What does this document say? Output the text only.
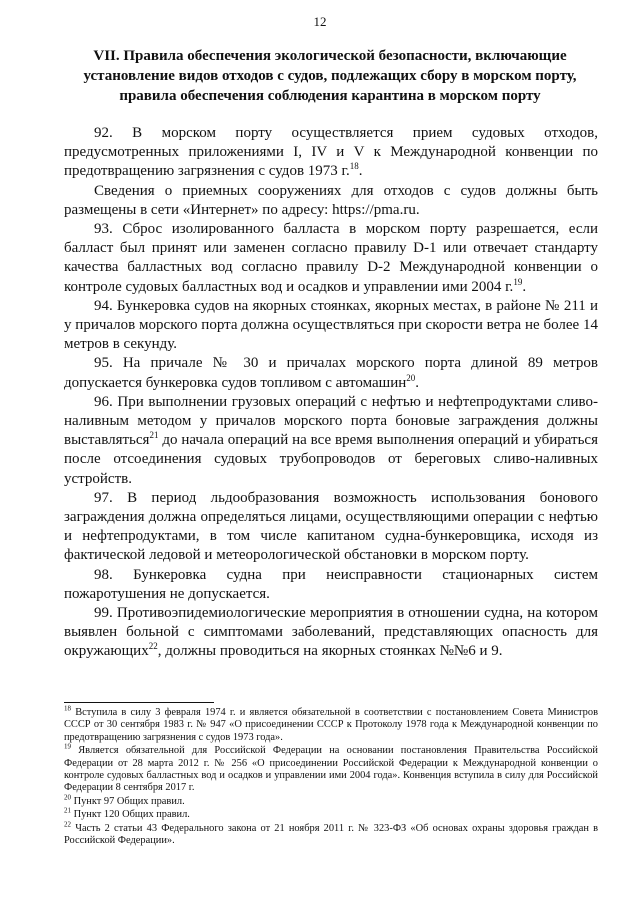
12
VII. Правила обеспечения экологической безопасности, включающие
установление видов отходов с судов, подлежащих сбору в морском порту,
правила обеспечения соблюдения карантина в морском порту

92. В морском порту осуществляется прием судовых отходов, предусмотренных приложениями I, IV и V к Международной конвенции по предотвращению загрязнения с судов 1973 г.$^{18}$.

Сведения о приемных сооружениях для отходов с судов должны быть размещены в сети «Интернет» по адресу: https://pma.ru.

93. Сброс изолированного балласта в морском порту разрешается, если балласт был принят или заменен согласно правилу D-1 или отвечает стандарту качества балластных вод согласно правилу D-2 Международной конвенции о контроле судовых балластных вод и осадков и управлении ими 2004 г.$^{19}$.

94. Бункеровка судов на якорных стоянках, якорных местах, в районе № 211 и у причалов морского порта должна осуществляться при скорости ветра не более 14 метров в секунду.

95. На причале № 30 и причалах морского порта длиной 89 метров допускается бункеровка судов топливом с автомашин$^{20}$.

96. При выполнении грузовых операций с нефтью и нефтепродуктами сливо-наливным методом у причалов морского порта боновые заграждения должны выставляться$^{21}$ до начала операций на все время выполнения операций и убираться после отсоединения судовых трубопроводов от береговых сливо-наливных устройств.

97. В период льдообразования возможность использования бонового заграждения должна определяться лицами, осуществляющими операции с нефтью и нефтепродуктами, в том числе капитаном судна-бункеровщика, исходя из фактической ледовой и метеорологической обстановки в морском порту.

98. Бункеровка судна при неисправности стационарных систем пожаротушения не допускается.

99. Противоэпидемиологические мероприятия в отношении судна, на котором выявлен больной с симптомами заболеваний, представляющих опасность для окружающих$^{22}$, должны проводиться на якорных стоянках №№6 и 9.

$^{18}$ Вступила в силу 3 февраля 1974 г. и является обязательной в соответствии с постановлением Совета Министров СССР от 30 сентября 1983 г. № 947 «О присоединении СССР к Протоколу 1978 года к Международной конвенции по предотвращению загрязнения с судов 1973 года».

$^{19}$ Является обязательной для Российской Федерации на основании постановления Правительства Российской Федерации от 28 марта 2012 г. № 256 «О присоединении Российской Федерации к Международной конвенции о контроле судовых балластных вод и осадков и управлении ими 2004 года». Конвенция вступила в силу для Российской Федерации 8 сентября 2017 г.

$^{20}$ Пункт 97 Общих правил.

$^{21}$ Пункт 120 Общих правил.

$^{22}$ Часть 2 статьи 43 Федерального закона от 21 ноября 2011 г. № 323-ФЗ «Об основах охраны здоровья граждан в Российской Федерации».
